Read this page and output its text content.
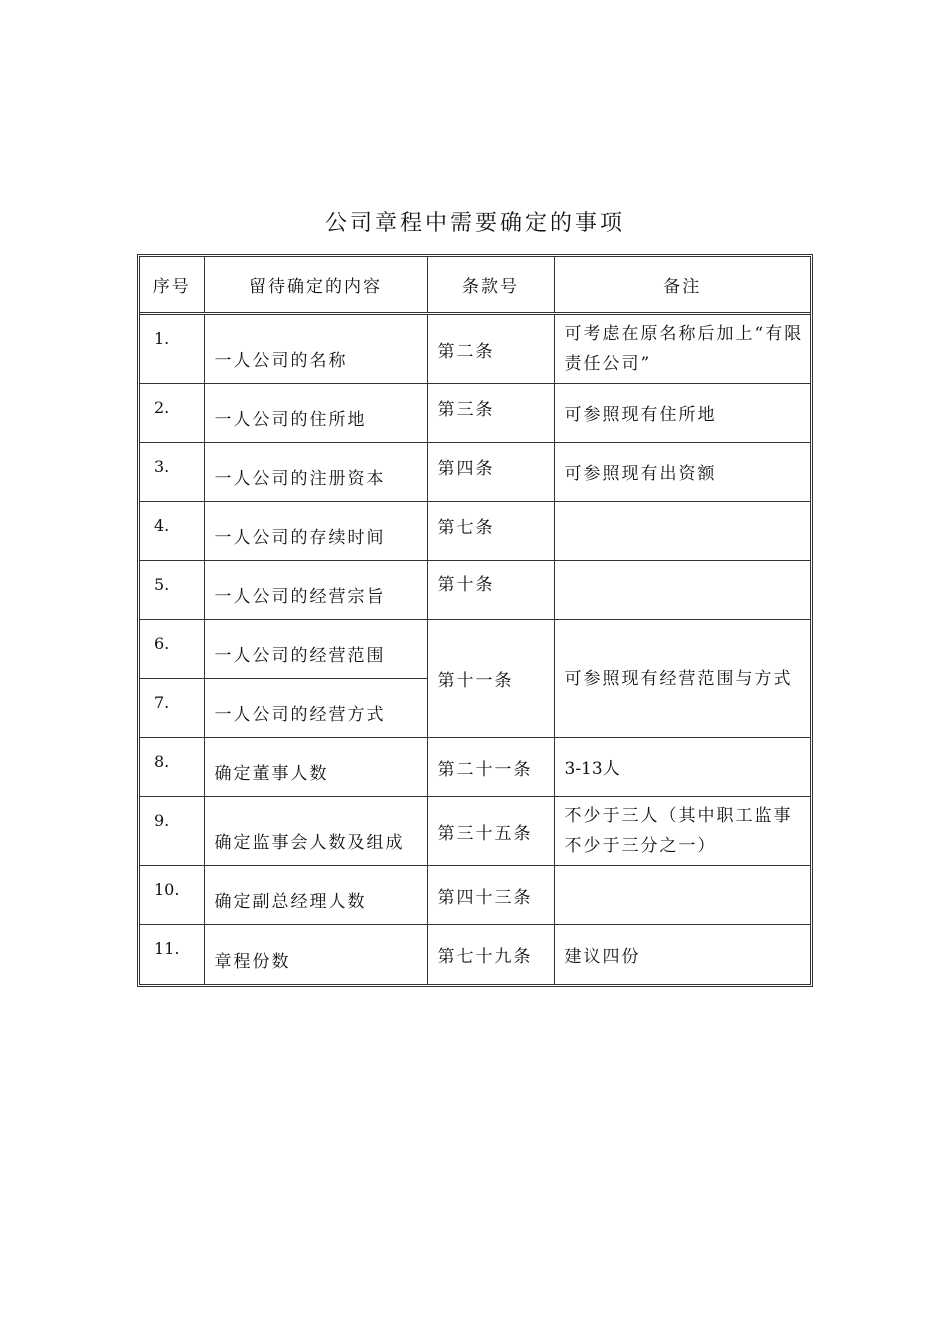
公司章程中需要确定的事项
序号	留待确定的内容	条款号	备注
1.	一人公司的名称	第二条	可考虑在原名称后加上“有限责任公司”
2.	一人公司的住所地	第三条	可参照现有住所地
3.	一人公司的注册资本	第四条	可参照现有出资额
4.	一人公司的存续时间	第七条	
5.	一人公司的经营宗旨	第十条	
6.	一人公司的经营范围	第十一条	可参照现有经营范围与方式
7.	一人公司的经营方式		
8.	确定董事人数	第二十一条	3-13人
9.	确定监事会人数及组成	第三十五条	不少于三人（其中职工监事不少于三分之一）
10.	确定副总经理人数	第四十三条	
11.	章程份数	第七十九条	建议四份
